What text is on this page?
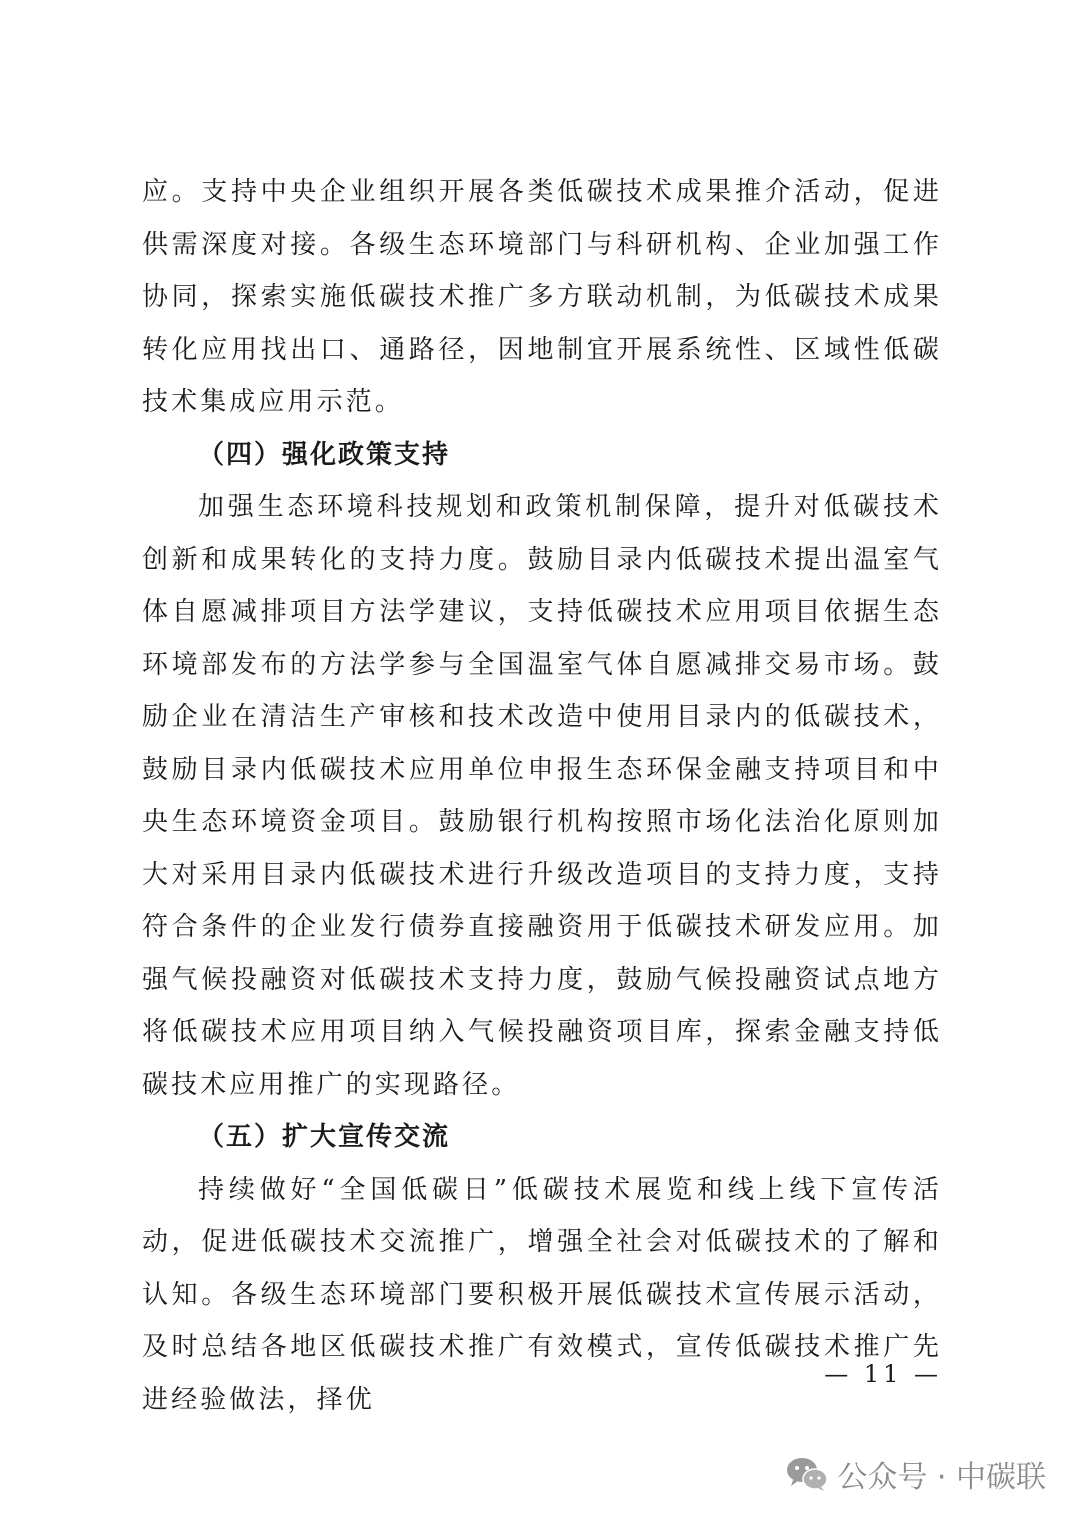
应。支持中央企业组织开展各类低碳技术成果推介活动，促进供需深度对接。各级生态环境部门与科研机构、企业加强工作协同，探索实施低碳技术推广多方联动机制，为低碳技术成果转化应用找出口、通路径，因地制宜开展系统性、区域性低碳技术集成应用示范。

（四）强化政策支持

加强生态环境科技规划和政策机制保障，提升对低碳技术创新和成果转化的支持力度。鼓励目录内低碳技术提出温室气体自愿减排项目方法学建议，支持低碳技术应用项目依据生态环境部发布的方法学参与全国温室气体自愿减排交易市场。鼓励企业在清洁生产审核和技术改造中使用目录内的低碳技术，鼓励目录内低碳技术应用单位申报生态环保金融支持项目和中央生态环境资金项目。鼓励银行机构按照市场化法治化原则加大对采用目录内低碳技术进行升级改造项目的支持力度，支持符合条件的企业发行债券直接融资用于低碳技术研发应用。加强气候投融资对低碳技术支持力度，鼓励气候投融资试点地方将低碳技术应用项目纳入气候投融资项目库，探索金融支持低碳技术应用推广的实现路径。

（五）扩大宣传交流

持续做好“全国低碳日”低碳技术展览和线上线下宣传活动，促进低碳技术交流推广，增强全社会对低碳技术的了解和认知。各级生态环境部门要积极开展低碳技术宣传展示活动，及时总结各地区低碳技术推广有效模式，宣传低碳技术推广先进经验做法，择优

— 11 —
公众号 · 中碳联
